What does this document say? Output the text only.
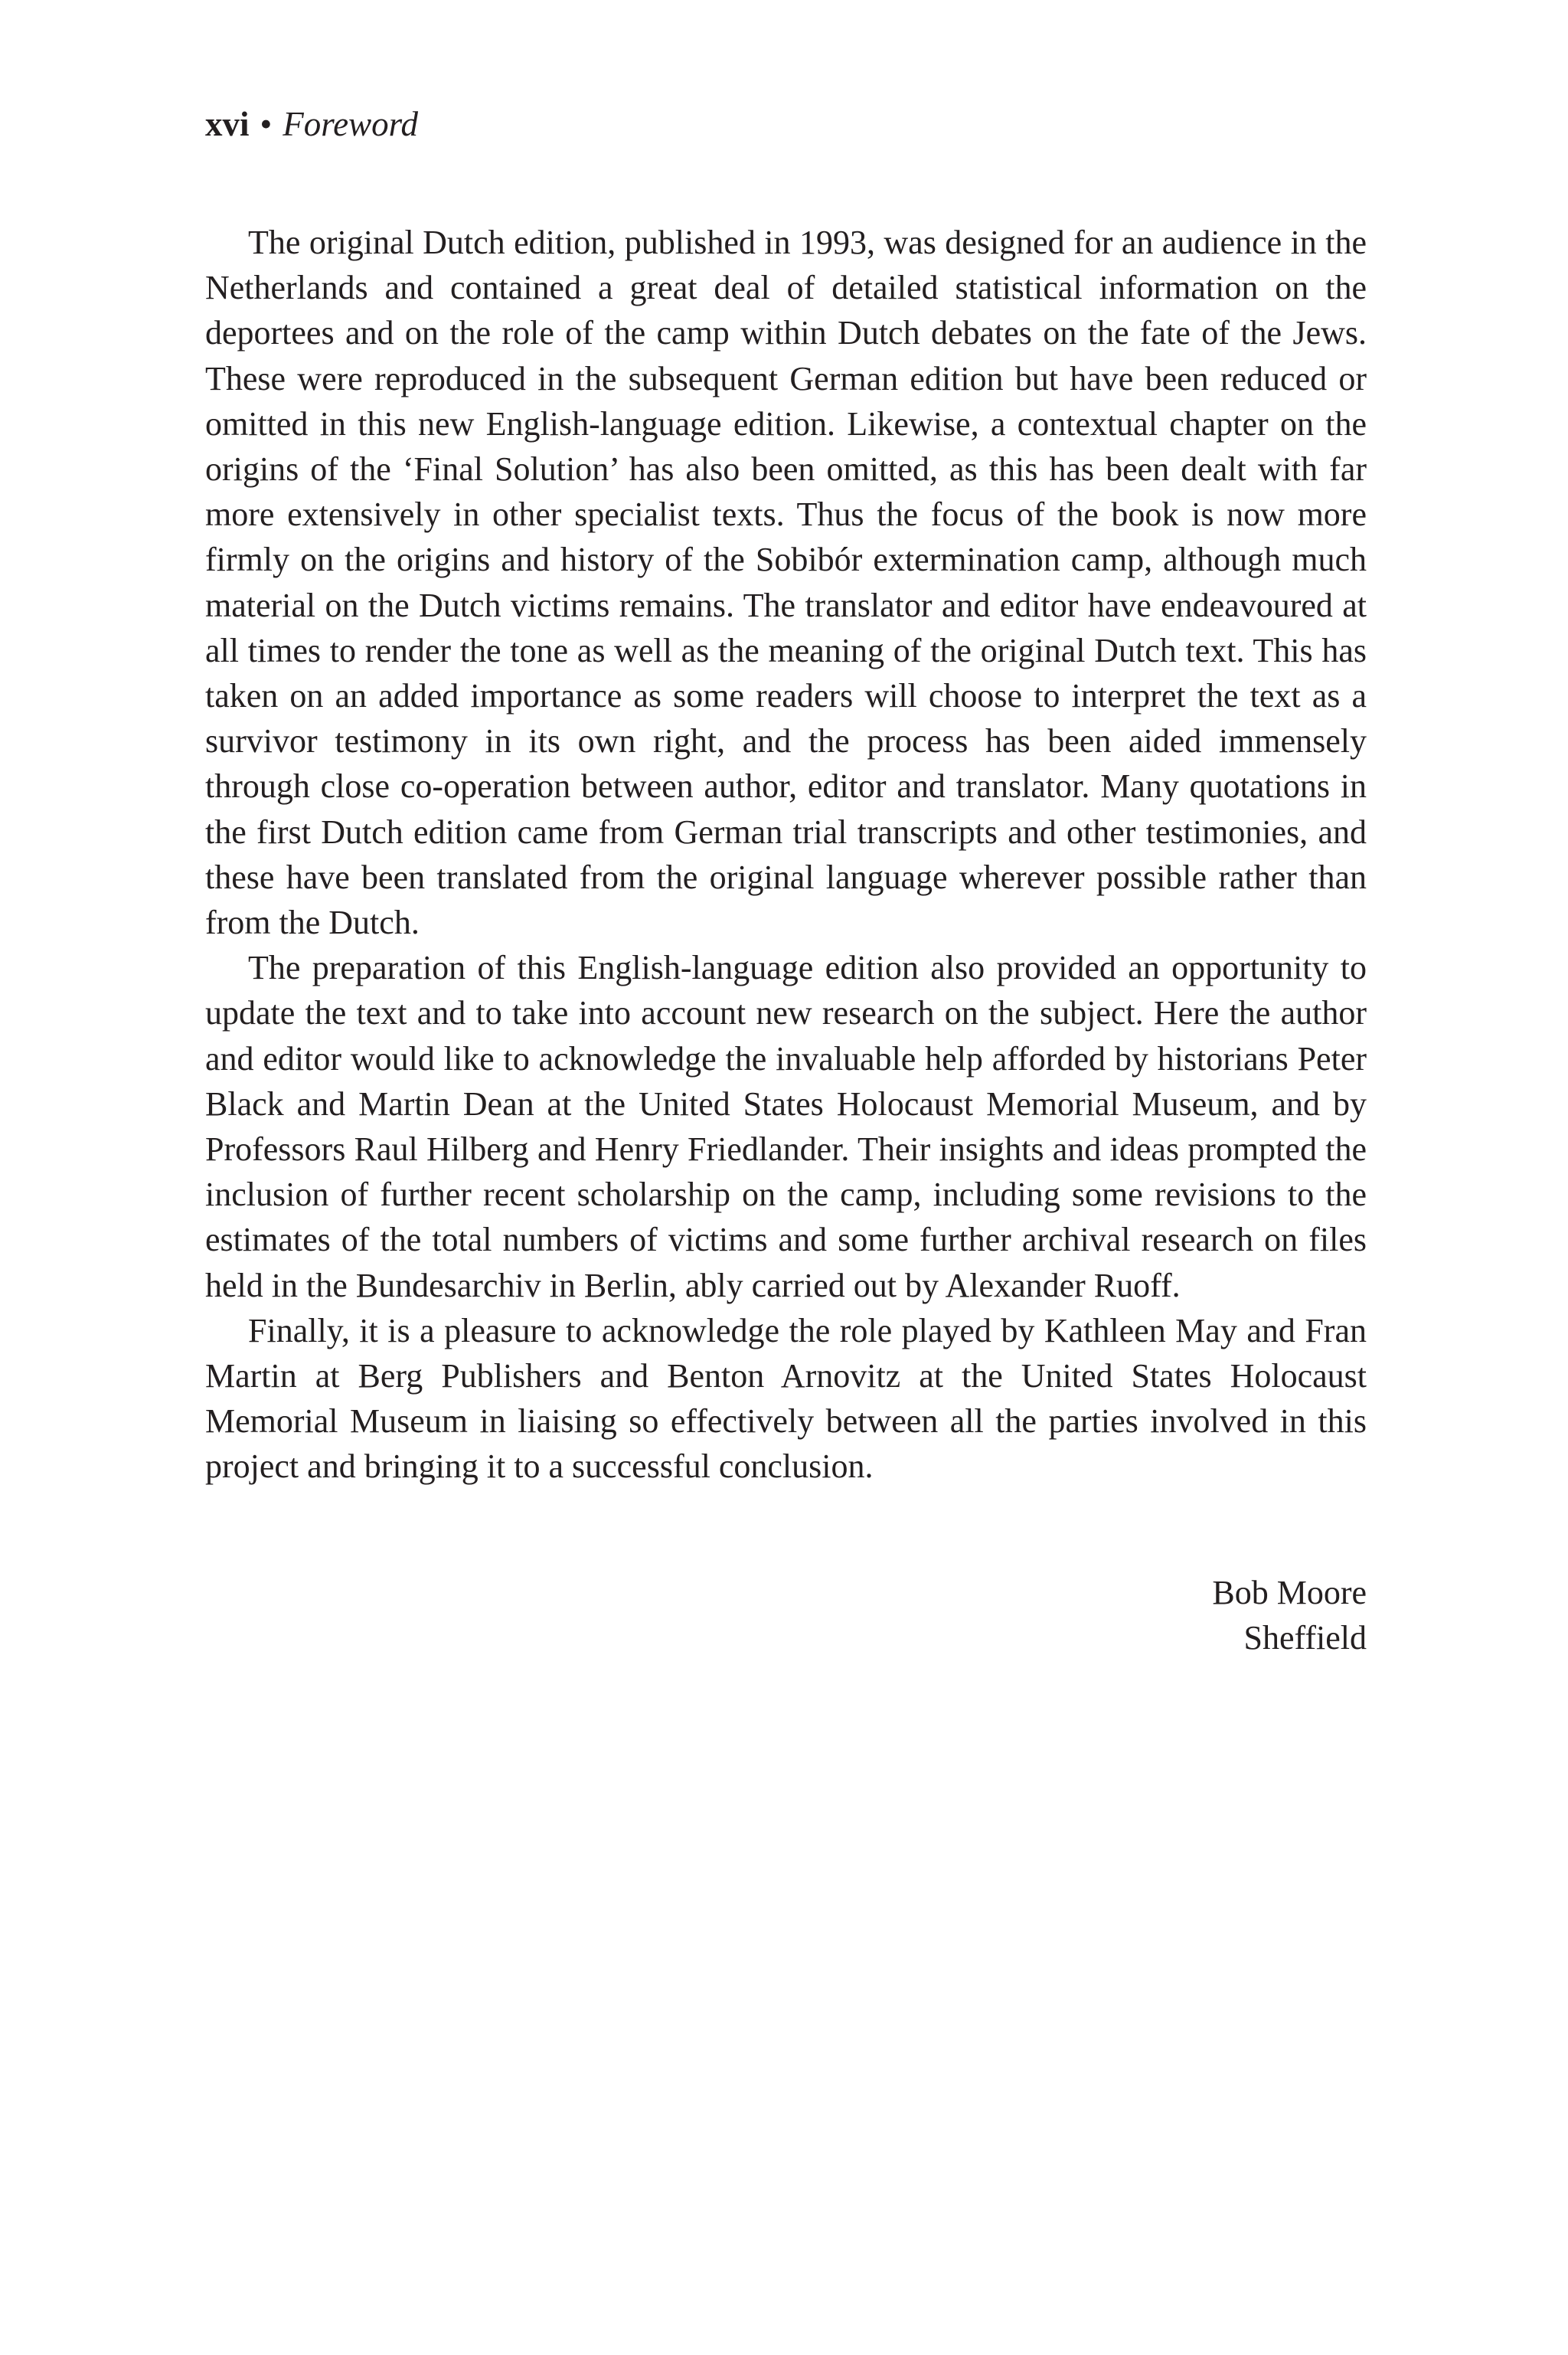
xvi • Foreword

The original Dutch edition, published in 1993, was designed for an audience in the Netherlands and contained a great deal of detailed statistical information on the deportees and on the role of the camp within Dutch debates on the fate of the Jews. These were reproduced in the subsequent German edition but have been reduced or omitted in this new English-language edition. Likewise, a contextual chapter on the origins of the ‘Final Solution’ has also been omitted, as this has been dealt with far more extensively in other specialist texts. Thus the focus of the book is now more firmly on the origins and history of the Sobibór extermination camp, although much material on the Dutch victims remains. The translator and editor have endeavoured at all times to render the tone as well as the meaning of the original Dutch text. This has taken on an added importance as some readers will choose to interpret the text as a survivor testimony in its own right, and the process has been aided immensely through close co-operation between author, editor and translator. Many quotations in the first Dutch edition came from German trial transcripts and other testimonies, and these have been translated from the original language wherever possible rather than from the Dutch.

The preparation of this English-language edition also provided an opportunity to update the text and to take into account new research on the subject. Here the author and editor would like to acknowledge the invaluable help afforded by historians Peter Black and Martin Dean at the United States Holocaust Memorial Museum, and by Professors Raul Hilberg and Henry Friedlander. Their insights and ideas prompted the inclusion of further recent scholarship on the camp, including some revisions to the estimates of the total numbers of victims and some further archival research on files held in the Bundesarchiv in Berlin, ably carried out by Alexander Ruoff.

Finally, it is a pleasure to acknowledge the role played by Kathleen May and Fran Martin at Berg Publishers and Benton Arnovitz at the United States Holocaust Memorial Museum in liaising so effectively between all the parties involved in this project and bringing it to a successful conclusion.

Bob Moore
Sheffield
